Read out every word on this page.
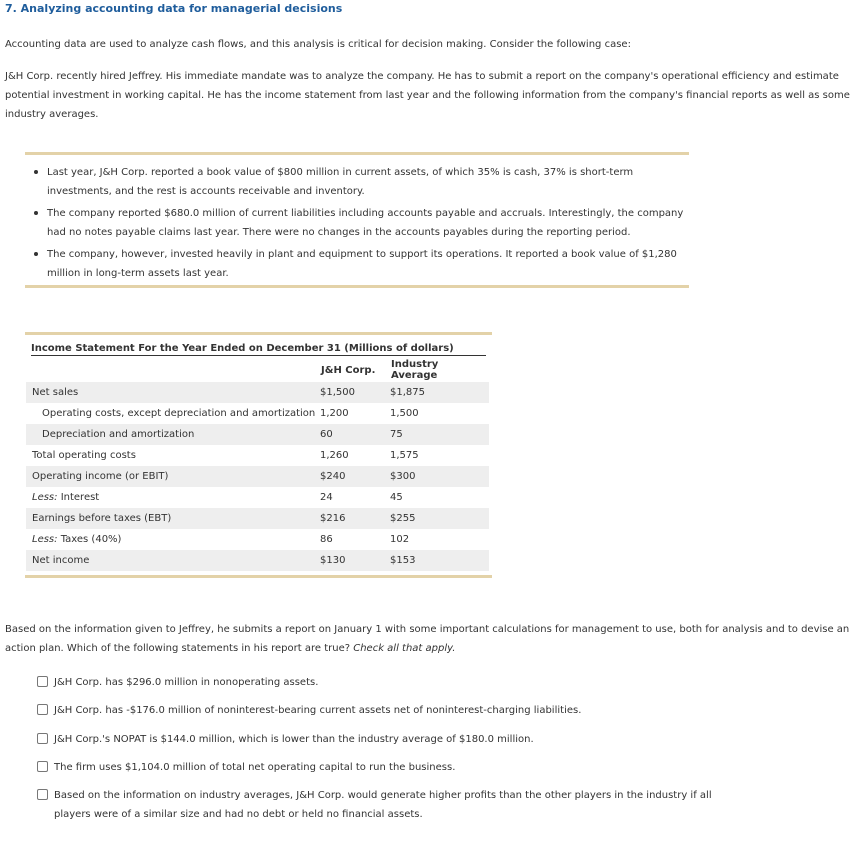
7. Analyzing accounting data for managerial decisions
Accounting data are used to analyze cash flows, and this analysis is critical for decision making. Consider the following case:
J&H Corp. recently hired Jeffrey. His immediate mandate was to analyze the company. He has to submit a report on the company's operational efficiency and estimate potential investment in working capital. He has the income statement from last year and the following information from the company's financial reports as well as some industry averages.
Last year, J&H Corp. reported a book value of $800 million in current assets, of which 35% is cash, 37% is short-term investments, and the rest is accounts receivable and inventory.
The company reported $680.0 million of current liabilities including accounts payable and accruals. Interestingly, the company had no notes payable claims last year. There were no changes in the accounts payables during the reporting period.
The company, however, invested heavily in plant and equipment to support its operations. It reported a book value of $1,280 million in long-term assets last year.
Income Statement For the Year Ended on December 31 (Millions of dollars)
	J&H Corp.	Industry Average
Net sales	$1,500	$1,875
Operating costs, except depreciation and amortization	1,200	1,500
Depreciation and amortization	60	75
Total operating costs	1,260	1,575
Operating income (or EBIT)	$240	$300
Less: Interest	24	45
Earnings before taxes (EBT)	$216	$255
Less: Taxes (40%)	86	102
Net income	$130	$153
Based on the information given to Jeffrey, he submits a report on January 1 with some important calculations for management to use, both for analysis and to devise an action plan. Which of the following statements in his report are true? Check all that apply.
J&H Corp. has $296.0 million in nonoperating assets.
J&H Corp. has -$176.0 million of noninterest-bearing current assets net of noninterest-charging liabilities.
J&H Corp.'s NOPAT is $144.0 million, which is lower than the industry average of $180.0 million.
The firm uses $1,104.0 million of total net operating capital to run the business.
Based on the information on industry averages, J&H Corp. would generate higher profits than the other players in the industry if all players were of a similar size and had no debt or held no financial assets.
